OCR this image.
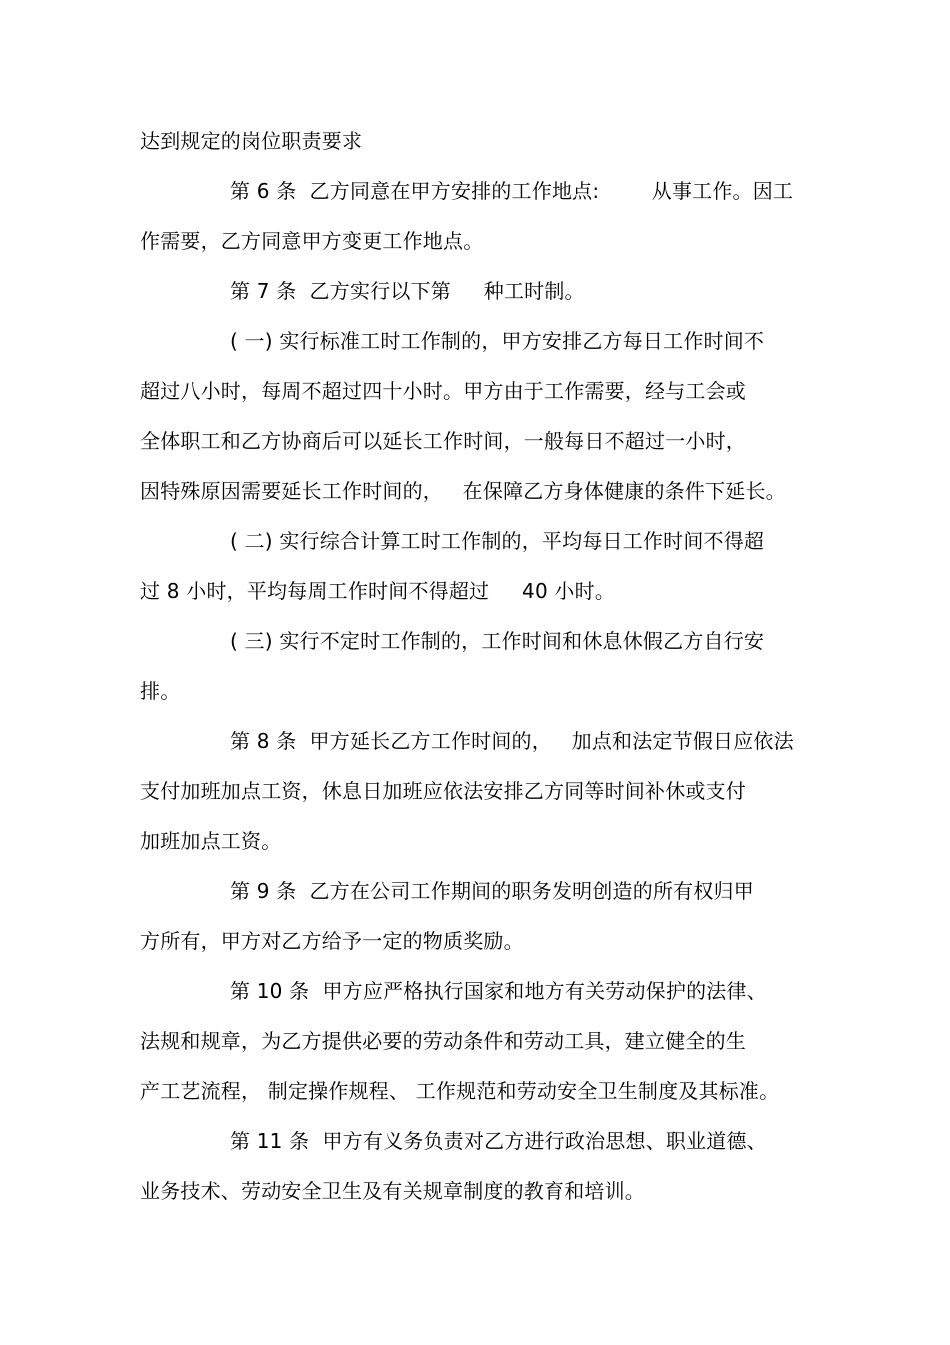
达到规定的岗位职责要求
第 6 条  乙方同意在甲方安排的工作地点:        从事工作。因工
作需要，乙方同意甲方变更工作地点。
第 7 条  乙方实行以下第     种工时制。
( 一) 实行标准工时工作制的，甲方安排乙方每日工作时间不
超过八小时，每周不超过四十小时。甲方由于工作需要，经与工会或
全体职工和乙方协商后可以延长工作时间，一般每日不超过一小时，
因特殊原因需要延长工作时间的，   在保障乙方身体健康的条件下延长。
( 二) 实行综合计算工时工作制的，平均每日工作时间不得超
过 8 小时，平均每周工作时间不得超过     40 小时。
( 三) 实行不定时工作制的，工作时间和休息休假乙方自行安
排。
第 8 条  甲方延长乙方工作时间的，   加点和法定节假日应依法
支付加班加点工资，休息日加班应依法安排乙方同等时间补休或支付
加班加点工资。
第 9 条  乙方在公司工作期间的职务发明创造的所有权归甲
方所有，甲方对乙方给予一定的物质奖励。
第 10 条  甲方应严格执行国家和地方有关劳动保护的法律、
法规和规章，为乙方提供必要的劳动条件和劳动工具，建立健全的生
产工艺流程， 制定操作规程、 工作规范和劳动安全卫生制度及其标准。
第 11 条  甲方有义务负责对乙方进行政治思想、职业道德、
业务技术、劳动安全卫生及有关规章制度的教育和培训。
